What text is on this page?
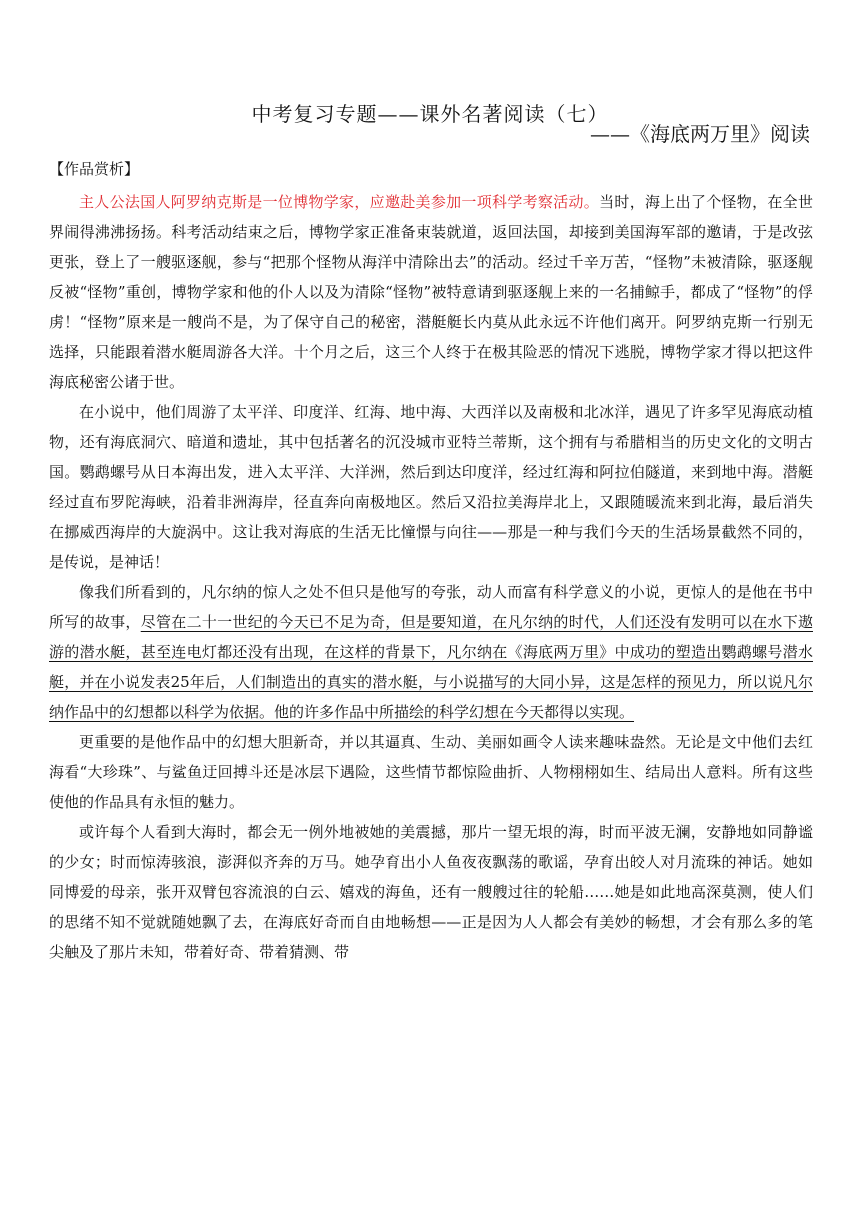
中考复习专题——课外名著阅读（七）
——《海底两万里》阅读
【作品赏析】

主人公法国人阿罗纳克斯是一位博物学家，应邀赴美参加一项科学考察活动。当时，海上出了个怪物，在全世界闹得沸沸扬扬。科考活动结束之后，博物学家正准备束装就道，返回法国，却接到美国海军部的邀请，于是改弦更张，登上了一艘驱逐舰，参与“把那个怪物从海洋中清除出去”的活动。经过千辛万苦，“怪物”未被清除，驱逐舰反被“怪物”重创，博物学家和他的仆人以及为清除“怪物”被特意请到驱逐舰上来的一名捕鲸手，都成了“怪物”的俘虏！“怪物”原来是一艘尚不是，为了保守自己的秘密，潜艇艇长内莫从此永远不许他们离开。阿罗纳克斯一行别无选择，只能跟着潜水艇周游各大洋。十个月之后，这三个人终于在极其险恶的情况下逃脱，博物学家才得以把这件海底秘密公诸于世。

在小说中，他们周游了太平洋、印度洋、红海、地中海、大西洋以及南极和北冰洋，遇见了许多罕见海底动植物，还有海底洞穴、暗道和遗址，其中包括著名的沉没城市亚特兰蒂斯，这个拥有与希腊相当的历史文化的文明古国。鹦鹉螺号从日本海出发，进入太平洋、大洋洲，然后到达印度洋，经过红海和阿拉伯隧道，来到地中海。潜艇经过直布罗陀海峡，沿着非洲海岸，径直奔向南极地区。然后又沿拉美海岸北上，又跟随暖流来到北海，最后消失在挪威西海岸的大旋涡中。这让我对海底的生活无比憧憬与向往——那是一种与我们今天的生活场景截然不同的，是传说，是神话！

像我们所看到的，凡尔纳的惊人之处不但只是他写的夸张，动人而富有科学意义的小说，更惊人的是他在书中所写的故事，尽管在二十一世纪的今天已不足为奇，但是要知道，在凡尔纳的时代，人们还没有发明可以在水下遨游的潜水艇，甚至连电灯都还没有出现，在这样的背景下，凡尔纳在《海底两万里》中成功的塑造出鹦鹉螺号潜水艇，并在小说发表25年后，人们制造出的真实的潜水艇，与小说描写的大同小异，这是怎样的预见力，所以说凡尔纳作品中的幻想都以科学为依据。他的许多作品中所描绘的科学幻想在今天都得以实现。

更重要的是他作品中的幻想大胆新奇，并以其逼真、生动、美丽如画令人读来趣味盎然。无论是文中他们去红海看“大珍珠”、与鲨鱼迂回搏斗还是冰层下遇险，这些情节都惊险曲折、人物栩栩如生、结局出人意料。所有这些使他的作品具有永恒的魅力。

或许每个人看到大海时，都会无一例外地被她的美震撼，那片一望无垠的海，时而平波无澜，安静地如同静谧的少女；时而惊涛骇浪，澎湃似齐奔的万马。她孕育出小人鱼夜夜飘荡的歌谣，孕育出皎人对月流珠的神话。她如同博爱的母亲，张开双臂包容流浪的白云、嬉戏的海鱼，还有一艘艘过往的轮船……她是如此地高深莫测，使人们的思绪不知不觉就随她飘了去，在海底好奇而自由地畅想——正是因为人人都会有美妙的畅想，才会有那么多的笔尖触及了那片未知，带着好奇、带着猜测、带
